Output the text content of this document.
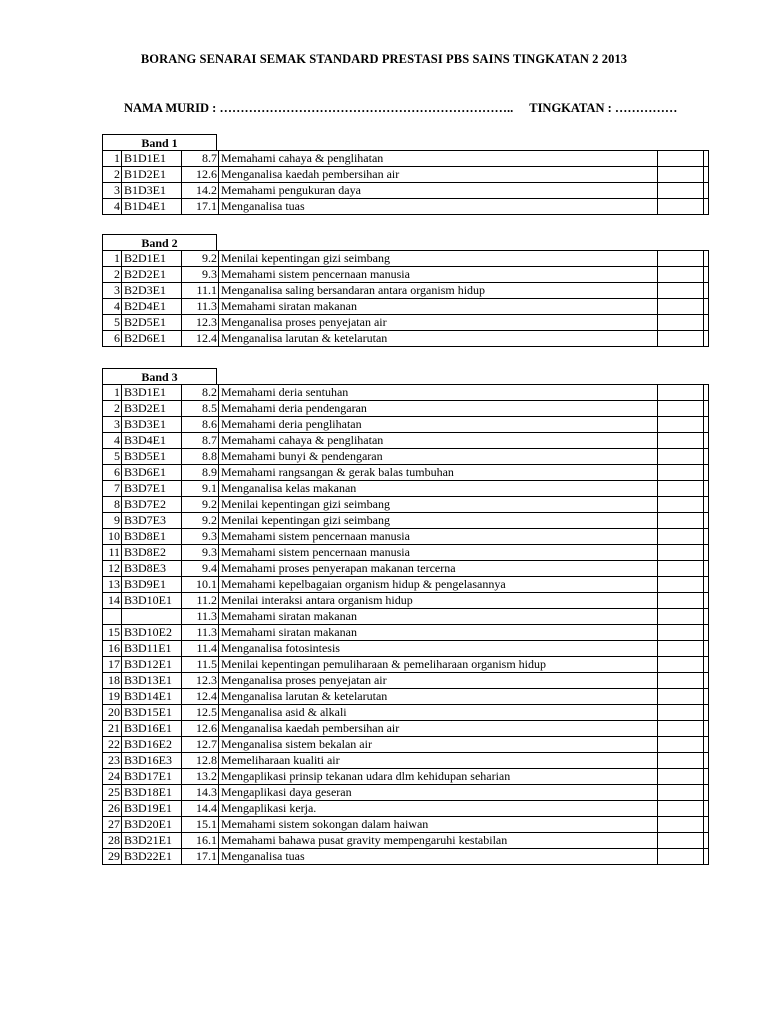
BORANG SENARAI SEMAK STANDARD PRESTASI PBS SAINS TINGKATAN 2 2013
NAMA MURID : …………………………………………………………….. TINGKATAN : ……………
Band 1
1	B1D1E1	8.7	Memahami cahaya & penglihatan		
2	B1D2E1	12.6	Menganalisa kaedah pembersihan air		
3	B1D3E1	14.2	Memahami pengukuran daya		
4	B1D4E1	17.1	Menganalisa tuas		
Band 2
1	B2D1E1	9.2	Menilai kepentingan gizi seimbang		
2	B2D2E1	9.3	Memahami sistem pencernaan manusia		
3	B2D3E1	11.1	Menganalisa saling bersandaran antara organism hidup		
4	B2D4E1	11.3	Memahami siratan makanan		
5	B2D5E1	12.3	Menganalisa proses penyejatan air		
6	B2D6E1	12.4	Menganalisa larutan & ketelarutan		
Band 3
1	B3D1E1	8.2	Memahami deria sentuhan		
2	B3D2E1	8.5	Memahami deria pendengaran		
3	B3D3E1	8.6	Memahami deria penglihatan		
4	B3D4E1	8.7	Memahami cahaya & penglihatan		
5	B3D5E1	8.8	Memahami bunyi & pendengaran		
6	B3D6E1	8.9	Memahami rangsangan & gerak balas tumbuhan		
7	B3D7E1	9.1	Menganalisa kelas makanan		
8	B3D7E2	9.2	Menilai kepentingan gizi seimbang		
9	B3D7E3	9.2	Menilai kepentingan gizi seimbang		
10	B3D8E1	9.3	Memahami sistem pencernaan manusia		
11	B3D8E2	9.3	Memahami sistem pencernaan manusia		
12	B3D8E3	9.4	Memahami proses penyerapan makanan tercerna		
13	B3D9E1	10.1	Memahami kepelbagaian organism hidup & pengelasannya		
14	B3D10E1	11.2	Menilai interaksi antara organism hidup		
		11.3	Memahami siratan makanan		
15	B3D10E2	11.3	Memahami siratan makanan		
16	B3D11E1	11.4	Menganalisa fotosintesis		
17	B3D12E1	11.5	Menilai kepentingan pemuliharaan & pemeliharaan organism hidup		
18	B3D13E1	12.3	Menganalisa proses penyejatan air		
19	B3D14E1	12.4	Menganalisa larutan & ketelarutan		
20	B3D15E1	12.5	Menganalisa asid & alkali		
21	B3D16E1	12.6	Menganalisa kaedah pembersihan air		
22	B3D16E2	12.7	Menganalisa sistem bekalan air		
23	B3D16E3	12.8	Memeliharaan kualiti air		
24	B3D17E1	13.2	Mengaplikasi prinsip tekanan udara dlm kehidupan seharian		
25	B3D18E1	14.3	Mengaplikasi daya geseran		
26	B3D19E1	14.4	Mengaplikasi kerja.		
27	B3D20E1	15.1	Memahami sistem sokongan dalam haiwan		
28	B3D21E1	16.1	Memahami bahawa pusat gravity mempengaruhi kestabilan		
29	B3D22E1	17.1	Menganalisa tuas		
